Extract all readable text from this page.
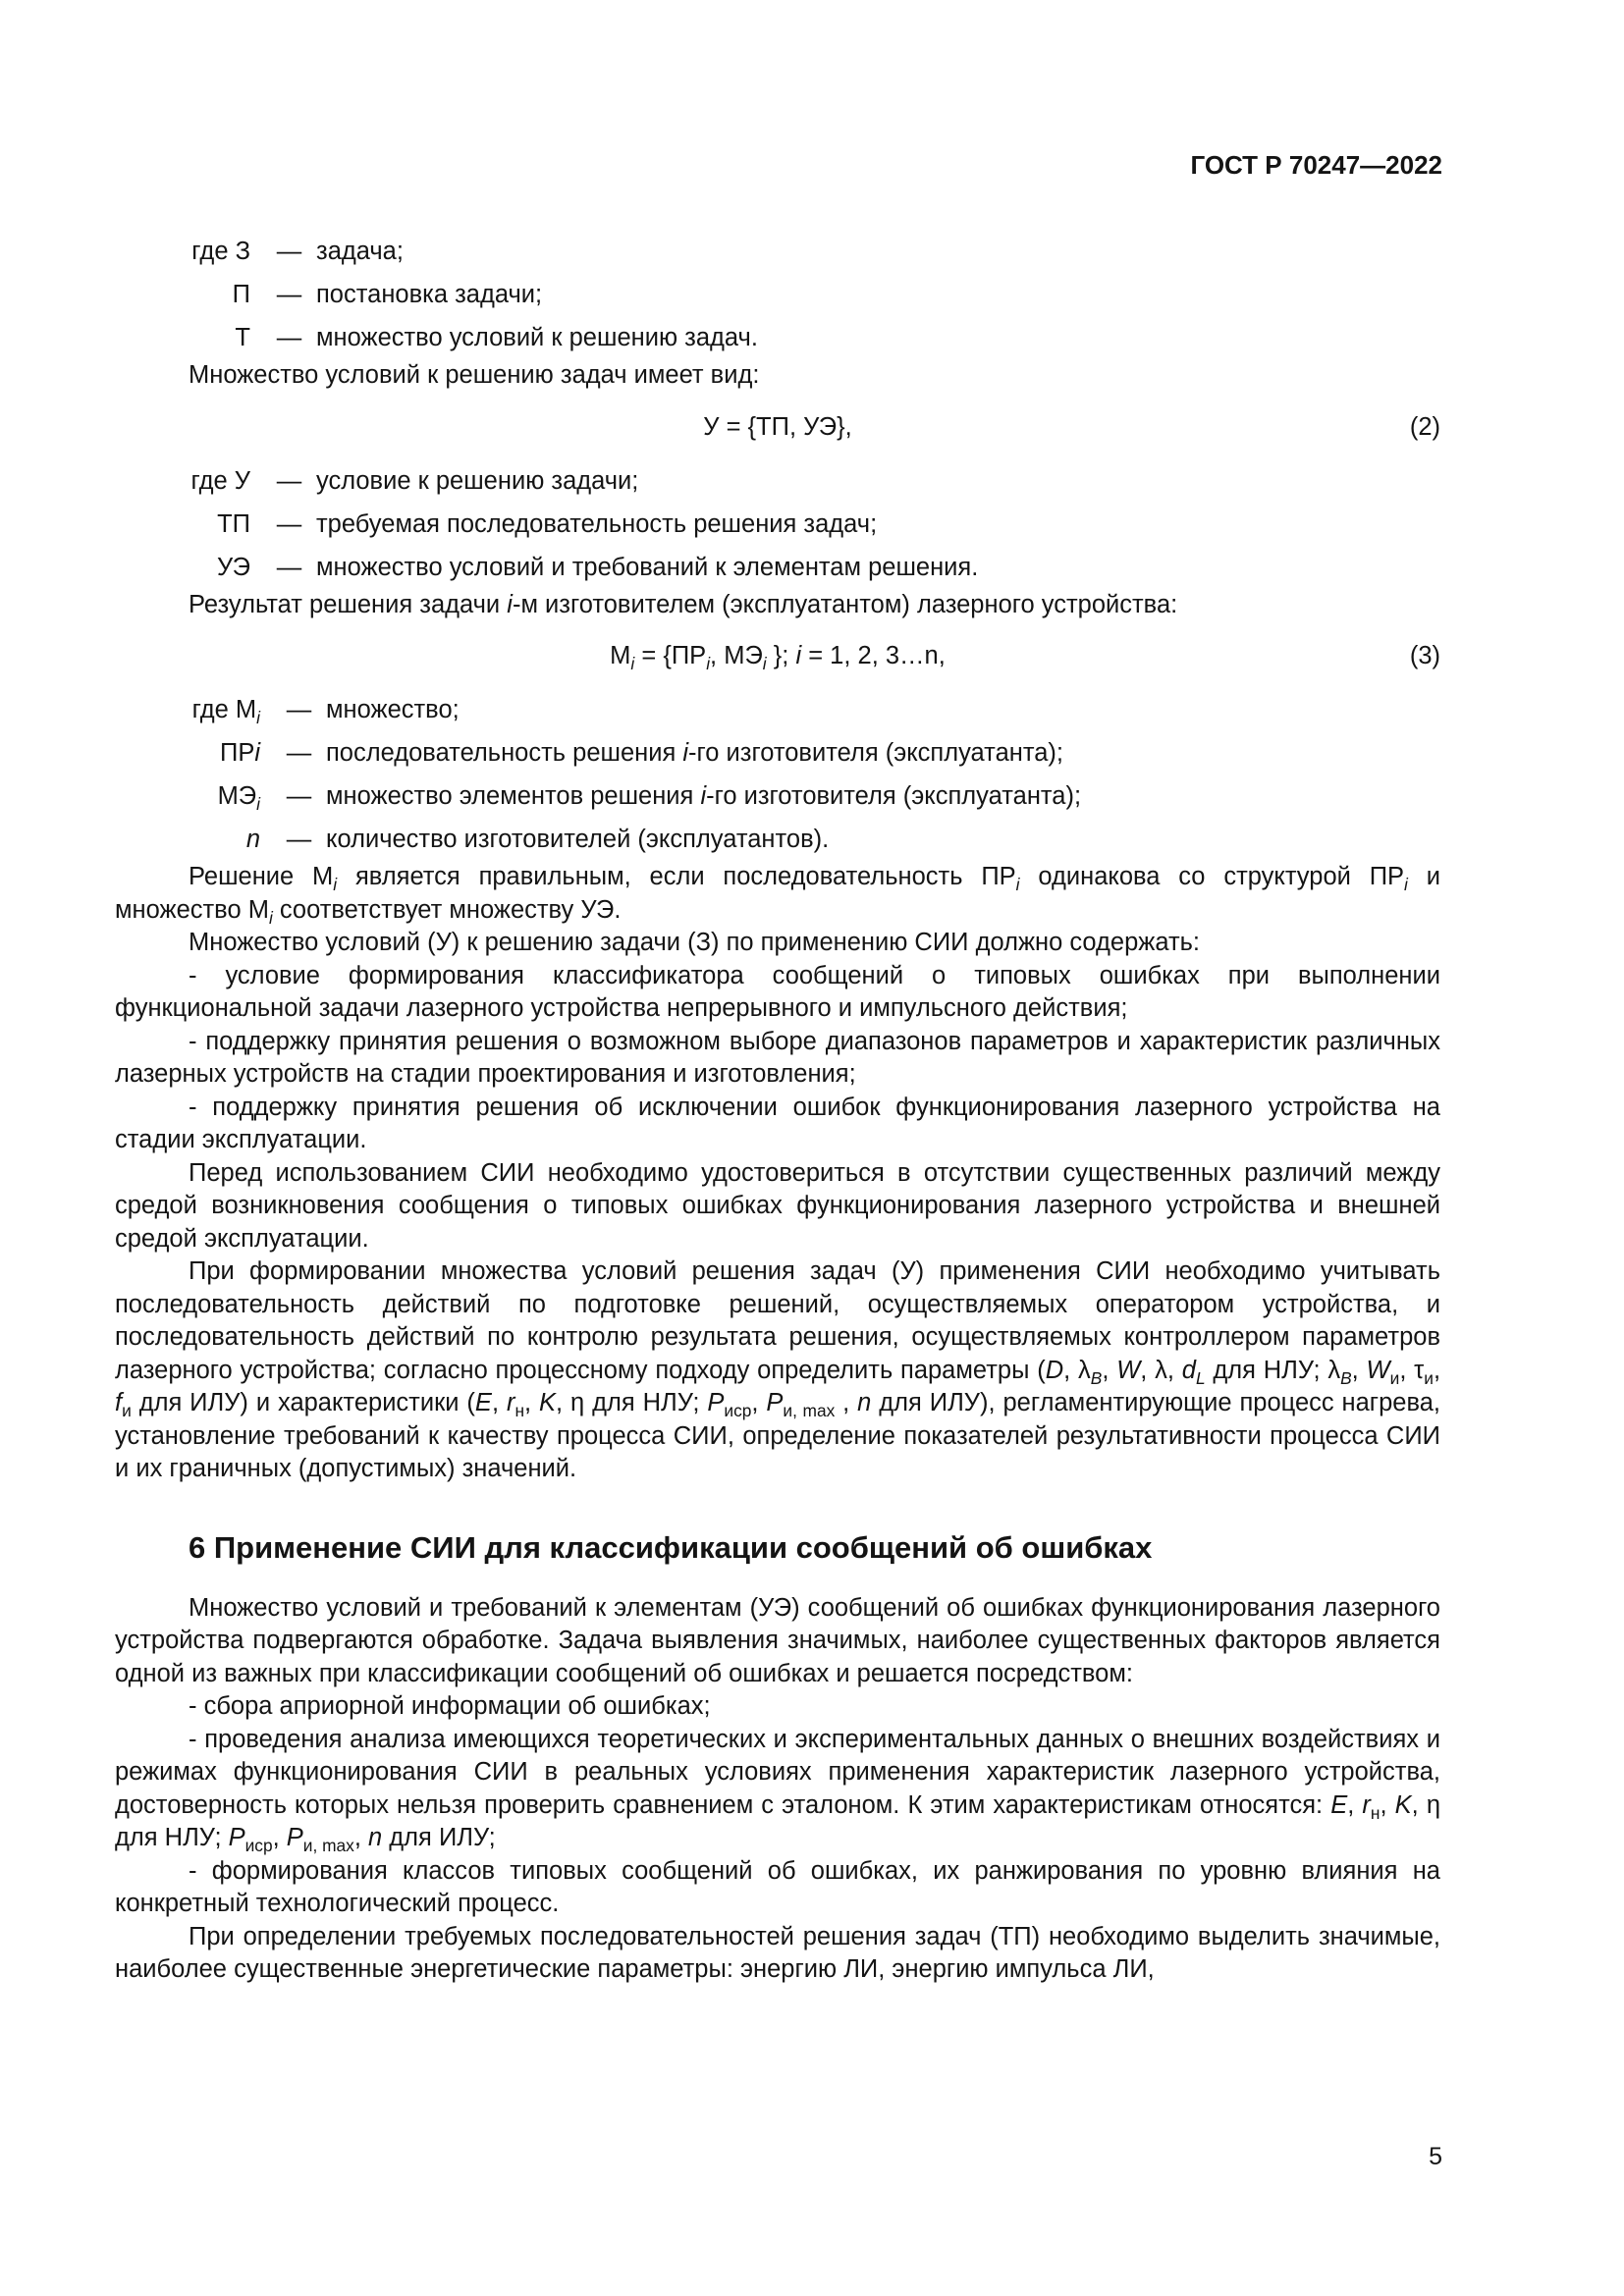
ГОСТ Р 70247—2022
где З	— задача;
П	— постановка задачи;
Т	— множество условий к решению задач.

Множество условий к решению задач имеет вид:

У = {ТП, УЭ},	(2)
где У	— условие к решению задачи;
ТП	— требуемая последовательность решения задач;
УЭ	— множество условий и требований к элементам решения.

Результат решения задачи i-м изготовителем (эксплуатантом) лазерного устройства:

$М_i = \{ПР_i$, $МЭ_i$ }; i = 1, 2, 3…n,	(3)
где $М_i$	— множество;
ПРi	— последовательность решения i-го изготовителя (эксплуатанта);
$МЭ_i$	— множество элементов решения i-го изготовителя (эксплуатанта);
n	— количество изготовителей (эксплуатантов).

Решение $М_i$ является правильным, если последовательность $ПР_i$ одинакова со структурой $ПР_i$ и множество $М_i$ соответствует множеству УЭ.

Множество условий (У) к решению задачи (З) по применению СИИ должно содержать:

- условие формирования классификатора сообщений о типовых ошибках при выполнении функциональной задачи лазерного устройства непрерывного и импульсного действия;

- поддержку принятия решения о возможном выборе диапазонов параметров и характеристик различных лазерных устройств на стадии проектирования и изготовления;

- поддержку принятия решения об исключении ошибок функционирования лазерного устройства на стадии эксплуатации.

Перед использованием СИИ необходимо удостовериться в отсутствии существенных различий между средой возникновения сообщения о типовых ошибках функционирования лазерного устройства и внешней средой эксплуатации.

При формировании множества условий решения задач (У) применения СИИ необходимо учитывать последовательность действий по подготовке решений, осуществляемых оператором устройства, и последовательность действий по контролю результата решения, осуществляемых контроллером параметров лазерного устройства; согласно процессному подходу определить параметры (D, $\lambda_B$, W, λ, $d_L$ для НЛУ; $\lambda_B$, $W_и$, $\tau_и$, $f_и$ для ИЛУ) и характеристики (E, $r_н$, K, η для НЛУ; $P_{иср}$, $P_{и, max}$ , n для ИЛУ), регламентирующие процесс нагрева, установление требований к качеству процесса СИИ, определение показателей результативности процесса СИИ и их граничных (допустимых) значений.

6 Применение СИИ для классификации сообщений об ошибках

Множество условий и требований к элементам (УЭ) сообщений об ошибках функционирования лазерного устройства подвергаются обработке. Задача выявления значимых, наиболее существенных факторов является одной из важных при классификации сообщений об ошибках и решается посредством:

- сбора априорной информации об ошибках;

- проведения анализа имеющихся теоретических и экспериментальных данных о внешних воздействиях и режимах функционирования СИИ в реальных условиях применения характеристик лазерного устройства, достоверность которых нельзя проверить сравнением с эталоном. К этим характеристикам относятся: E, $r_н$, K, η для НЛУ; $P_{иср}$, $P_{и, max}$, n для ИЛУ;

- формирования классов типовых сообщений об ошибках, их ранжирования по уровню влияния на конкретный технологический процесс.

При определении требуемых последовательностей решения задач (ТП) необходимо выделить значимые, наиболее существенные энергетические параметры: энергию ЛИ, энергию импульса ЛИ,

5
